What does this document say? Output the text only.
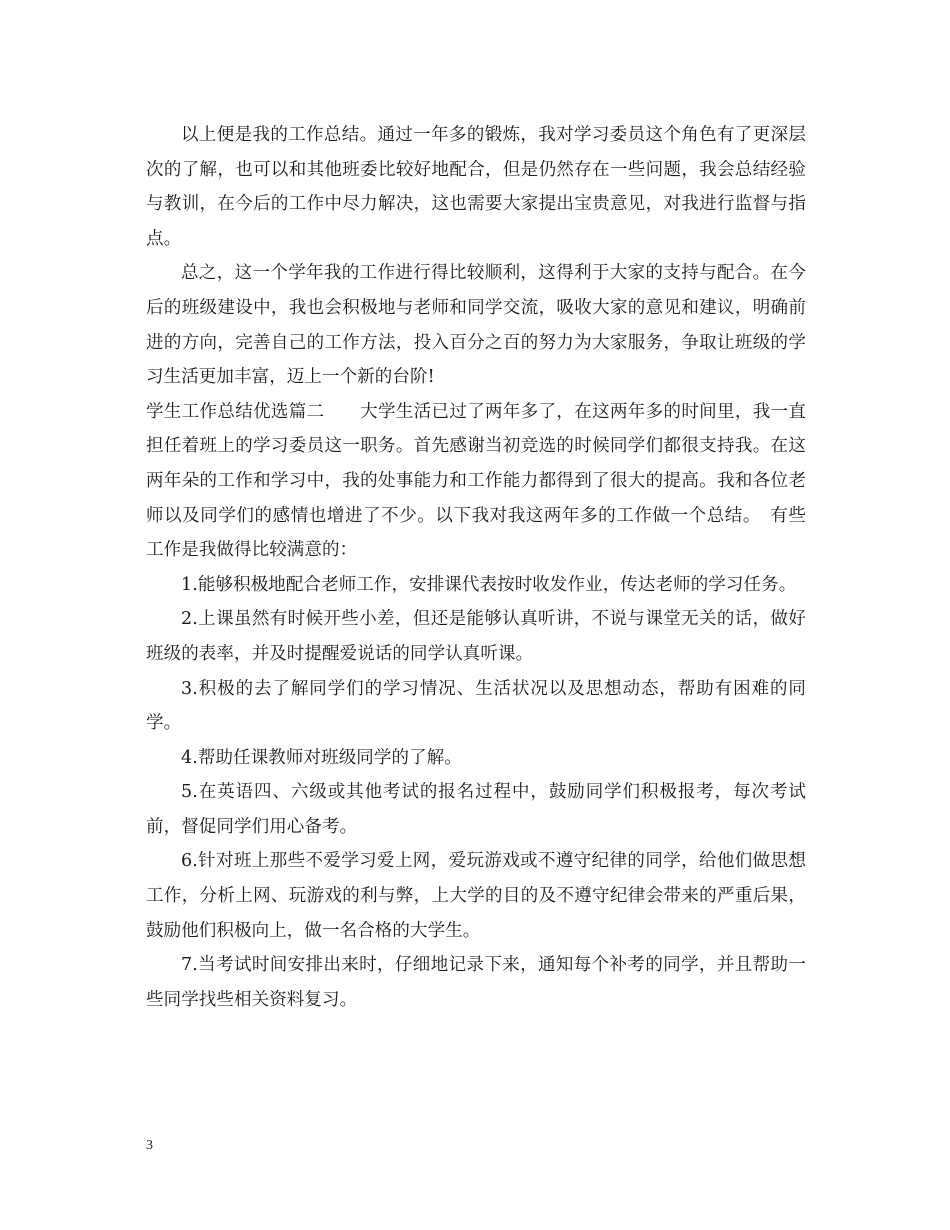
以上便是我的工作总结。通过一年多的锻炼，我对学习委员这个角色有了更深层次的了解，也可以和其他班委比较好地配合，但是仍然存在一些问题，我会总结经验与教训，在今后的工作中尽力解决，这也需要大家提出宝贵意见，对我进行监督与指点。

总之，这一个学年我的工作进行得比较顺利，这得利于大家的支持与配合。在今后的班级建设中，我也会积极地与老师和同学交流，吸收大家的意见和建议，明确前进的方向，完善自己的工作方法，投入百分之百的努力为大家服务，争取让班级的学习生活更加丰富，迈上一个新的台阶!

学生工作总结优选篇二　　大学生活已过了两年多了，在这两年多的时间里，我一直担任着班上的学习委员这一职务。首先感谢当初竞选的时候同学们都很支持我。在这两年朵的工作和学习中，我的处事能力和工作能力都得到了很大的提高。我和各位老师以及同学们的感情也增进了不少。以下我对我这两年多的工作做一个总结。　有些工作是我做得比较满意的：

1.能够积极地配合老师工作，安排课代表按时收发作业，传达老师的学习任务。

2.上课虽然有时候开些小差，但还是能够认真听讲，不说与课堂无关的话，做好班级的表率，并及时提醒爱说话的同学认真听课。

3.积极的去了解同学们的学习情况、生活状况以及思想动态，帮助有困难的同学。

4.帮助任课教师对班级同学的了解。

5.在英语四、六级或其他考试的报名过程中，鼓励同学们积极报考，每次考试前，督促同学们用心备考。

6.针对班上那些不爱学习爱上网，爱玩游戏或不遵守纪律的同学，给他们做思想工作，分析上网、玩游戏的利与弊，上大学的目的及不遵守纪律会带来的严重后果，鼓励他们积极向上，做一名合格的大学生。

7.当考试时间安排出来时，仔细地记录下来，通知每个补考的同学，并且帮助一些同学找些相关资料复习。

3
